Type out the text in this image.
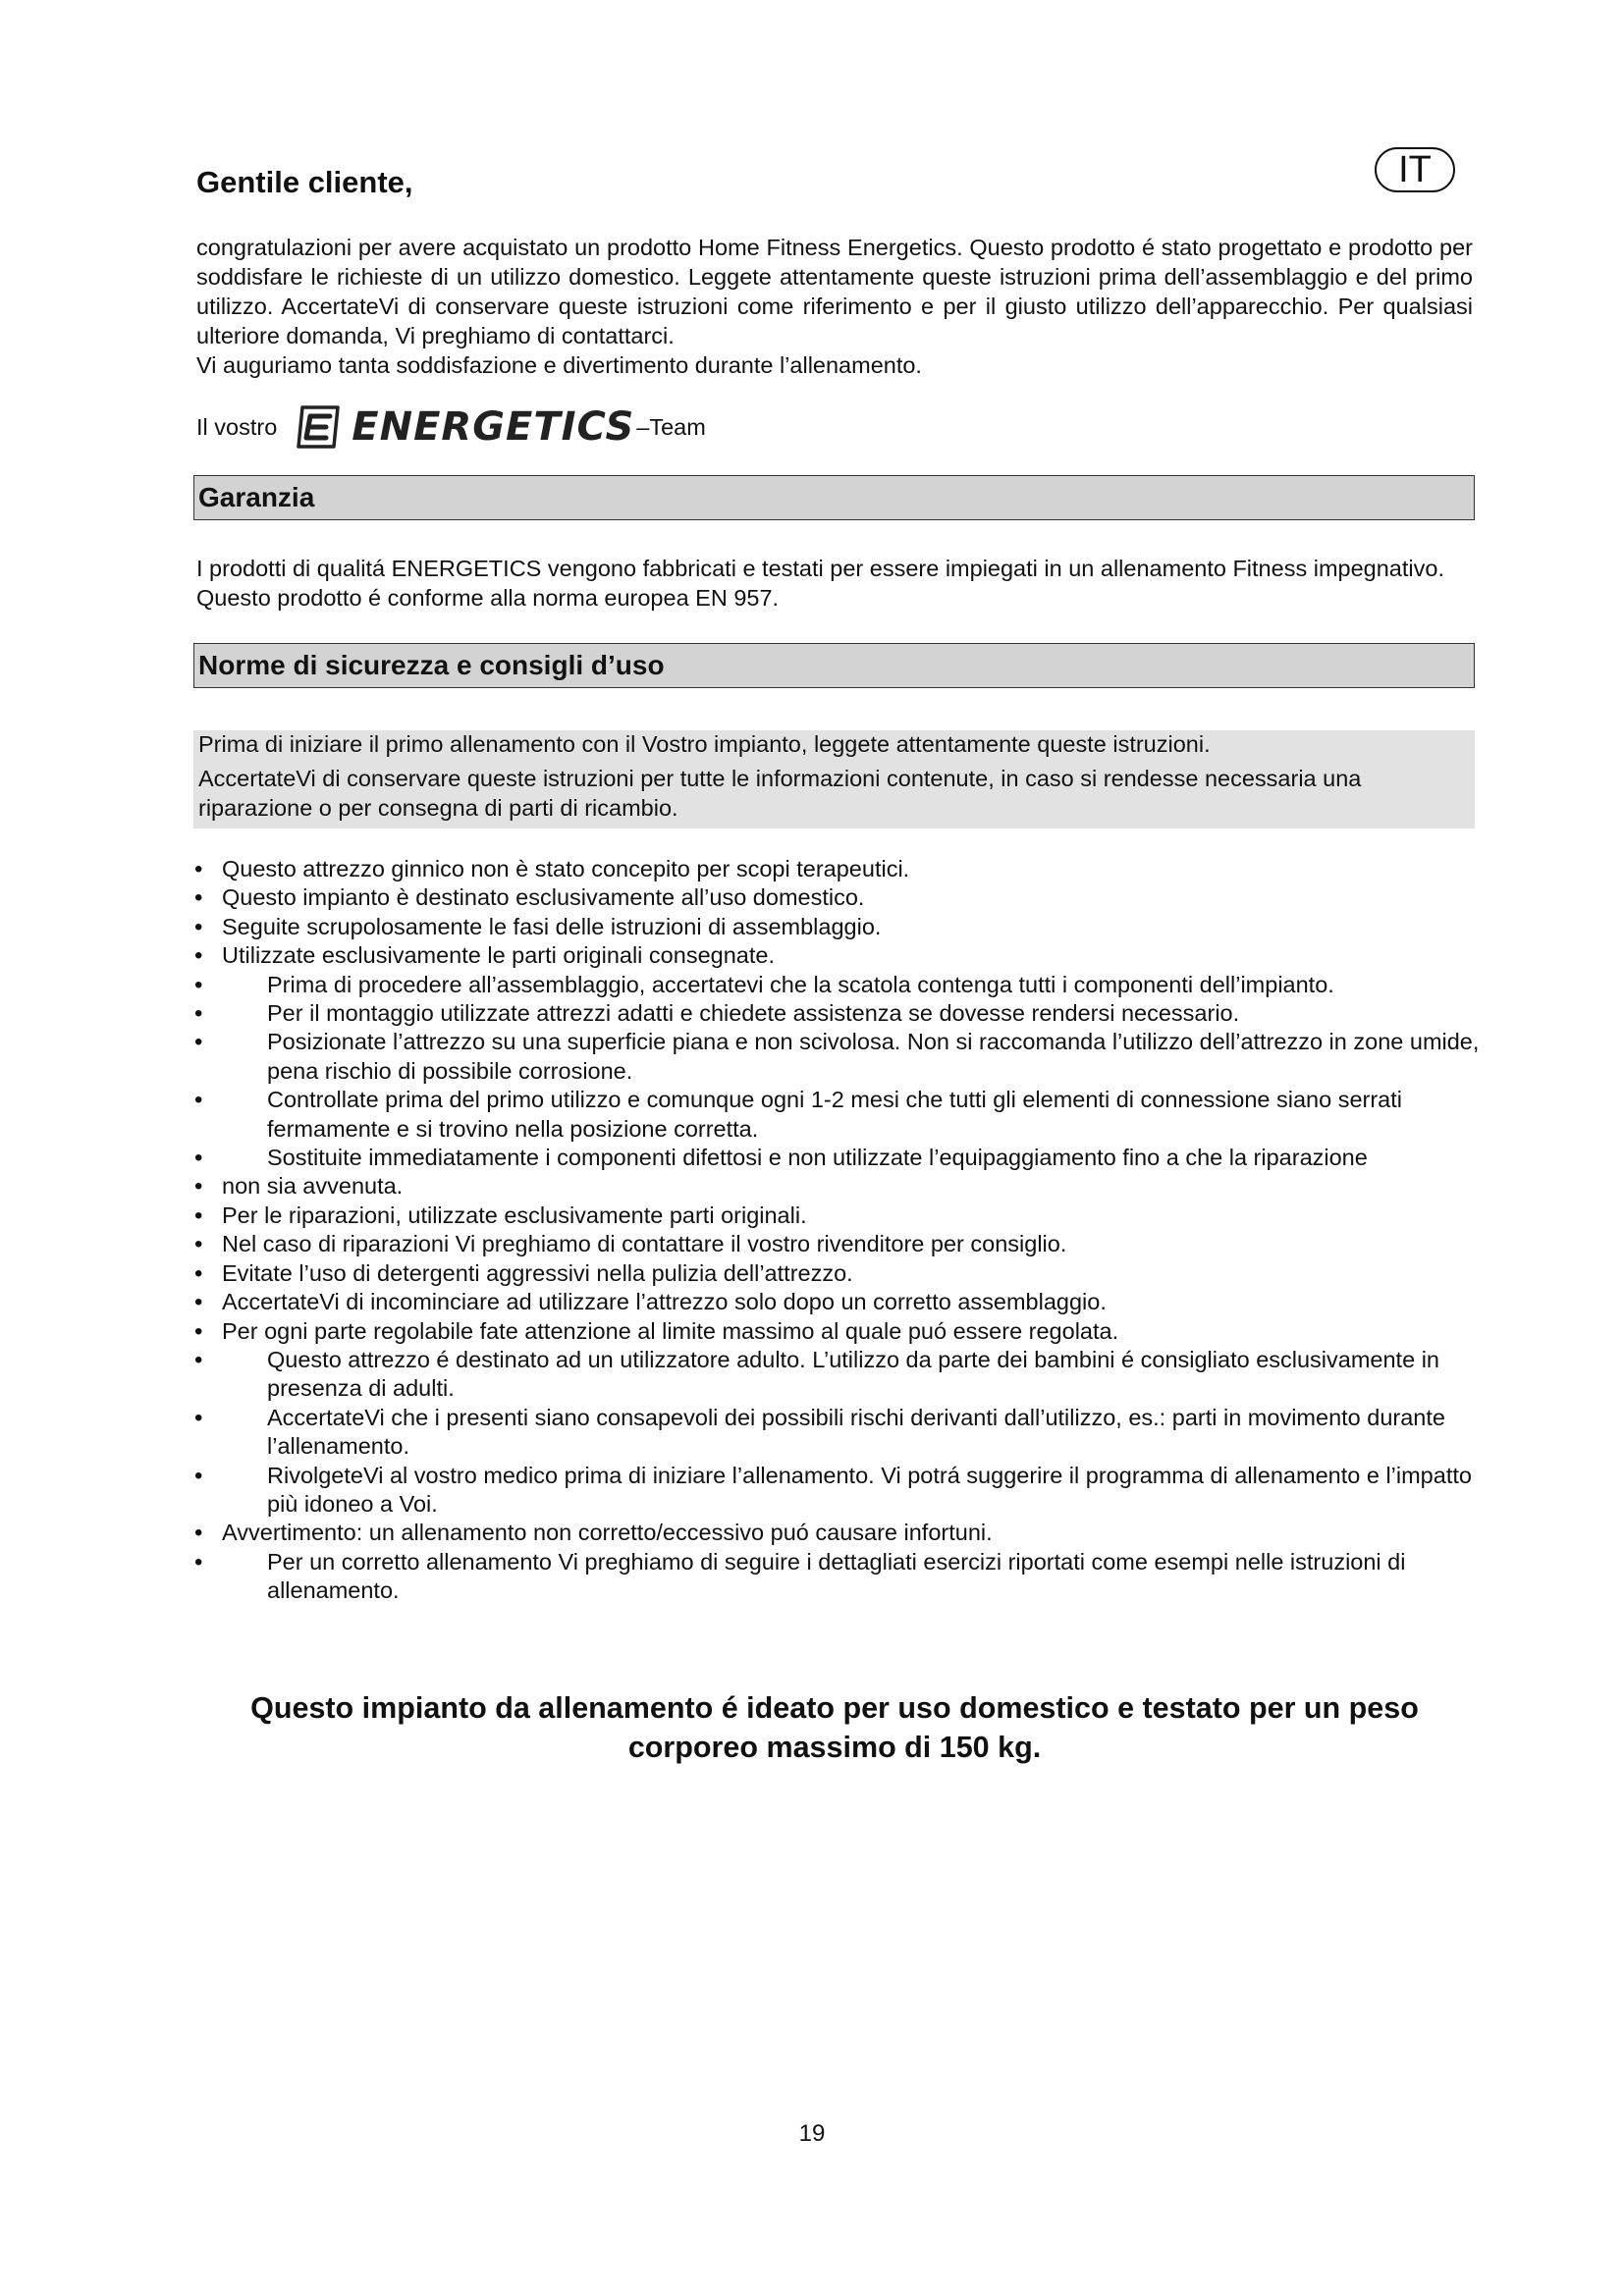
Gentile cliente,	IT

congratulazioni per avere acquistato un prodotto Home Fitness Energetics. Questo prodotto é stato progettato e prodotto per soddisfare le richieste di un utilizzo domestico. Leggete attentamente queste istruzioni prima dell’assemblaggio e del primo utilizzo. AccertateVi di conservare queste istruzioni come riferimento e per il giusto utilizzo dell’apparecchio. Per qualsiasi ulteriore domanda, Vi preghiamo di contattarci.
Vi auguriamo tanta soddisfazione e divertimento durante l’allenamento.

Il vostro ENERGETICS –Team
Garanzia

I prodotti di qualitá ENERGETICS vengono fabbricati e testati per essere impiegati in un allenamento Fitness impegnativo. Questo prodotto é conforme alla norma europea EN 957.

Norme di sicurezza e consigli d’uso

Prima di iniziare il primo allenamento con il Vostro impianto, leggete attentamente queste istruzioni.

AccertateVi di conservare queste istruzioni per tutte le informazioni contenute, in caso si rendesse necessaria una riparazione o per consegna di parti di ricambio.

• Questo attrezzo ginnico non è stato concepito per scopi terapeutici.
• Questo impianto è destinato esclusivamente all’uso domestico.
• Seguite scrupolosamente le fasi delle istruzioni di assemblaggio.
• Utilizzate esclusivamente le parti originali consegnate.
•	Prima di procedere all’assemblaggio, accertatevi che la scatola contenga tutti i componenti dell’impianto.
•	Per il montaggio utilizzate attrezzi adatti e chiedete assistenza se dovesse rendersi necessario.
•	Posizionate l’attrezzo su una superficie piana e non scivolosa. Non si raccomanda l’utilizzo dell’attrezzo in zone umide, pena rischio di possibile corrosione.
•	Controllate prima del primo utilizzo e comunque ogni 1-2 mesi che tutti gli elementi di connessione siano serrati fermamente e si trovino nella posizione corretta.
•	Sostituite immediatamente i componenti difettosi e non utilizzate l’equipaggiamento fino a che la riparazione
• non sia avvenuta.
• Per le riparazioni, utilizzate esclusivamente parti originali.
• Nel caso di riparazioni Vi preghiamo di contattare il vostro rivenditore per consiglio.
• Evitate l’uso di detergenti aggressivi nella pulizia dell’attrezzo.
• AccertateVi di incominciare ad utilizzare l’attrezzo solo dopo un corretto assemblaggio.
• Per ogni parte regolabile fate attenzione al limite massimo al quale puó essere regolata.
•	Questo attrezzo é destinato ad un utilizzatore adulto. L’utilizzo da parte dei bambini é consigliato esclusivamente in presenza di adulti.
•	AccertateVi che i presenti siano consapevoli dei possibili rischi derivanti dall’utilizzo, es.: parti in movimento durante l’allenamento.
•	RivolgeteVi al vostro medico prima di iniziare l’allenamento. Vi potrá suggerire il programma di allenamento e l’impatto più idoneo a Voi.
• Avvertimento: un allenamento non corretto/eccessivo puó causare infortuni.
•	Per un corretto allenamento Vi preghiamo di seguire i dettagliati esercizi riportati come esempi nelle istruzioni di allenamento.

Questo impianto da allenamento é ideato per uso domestico e testato per un peso
corporeo massimo di 150 kg.

19
